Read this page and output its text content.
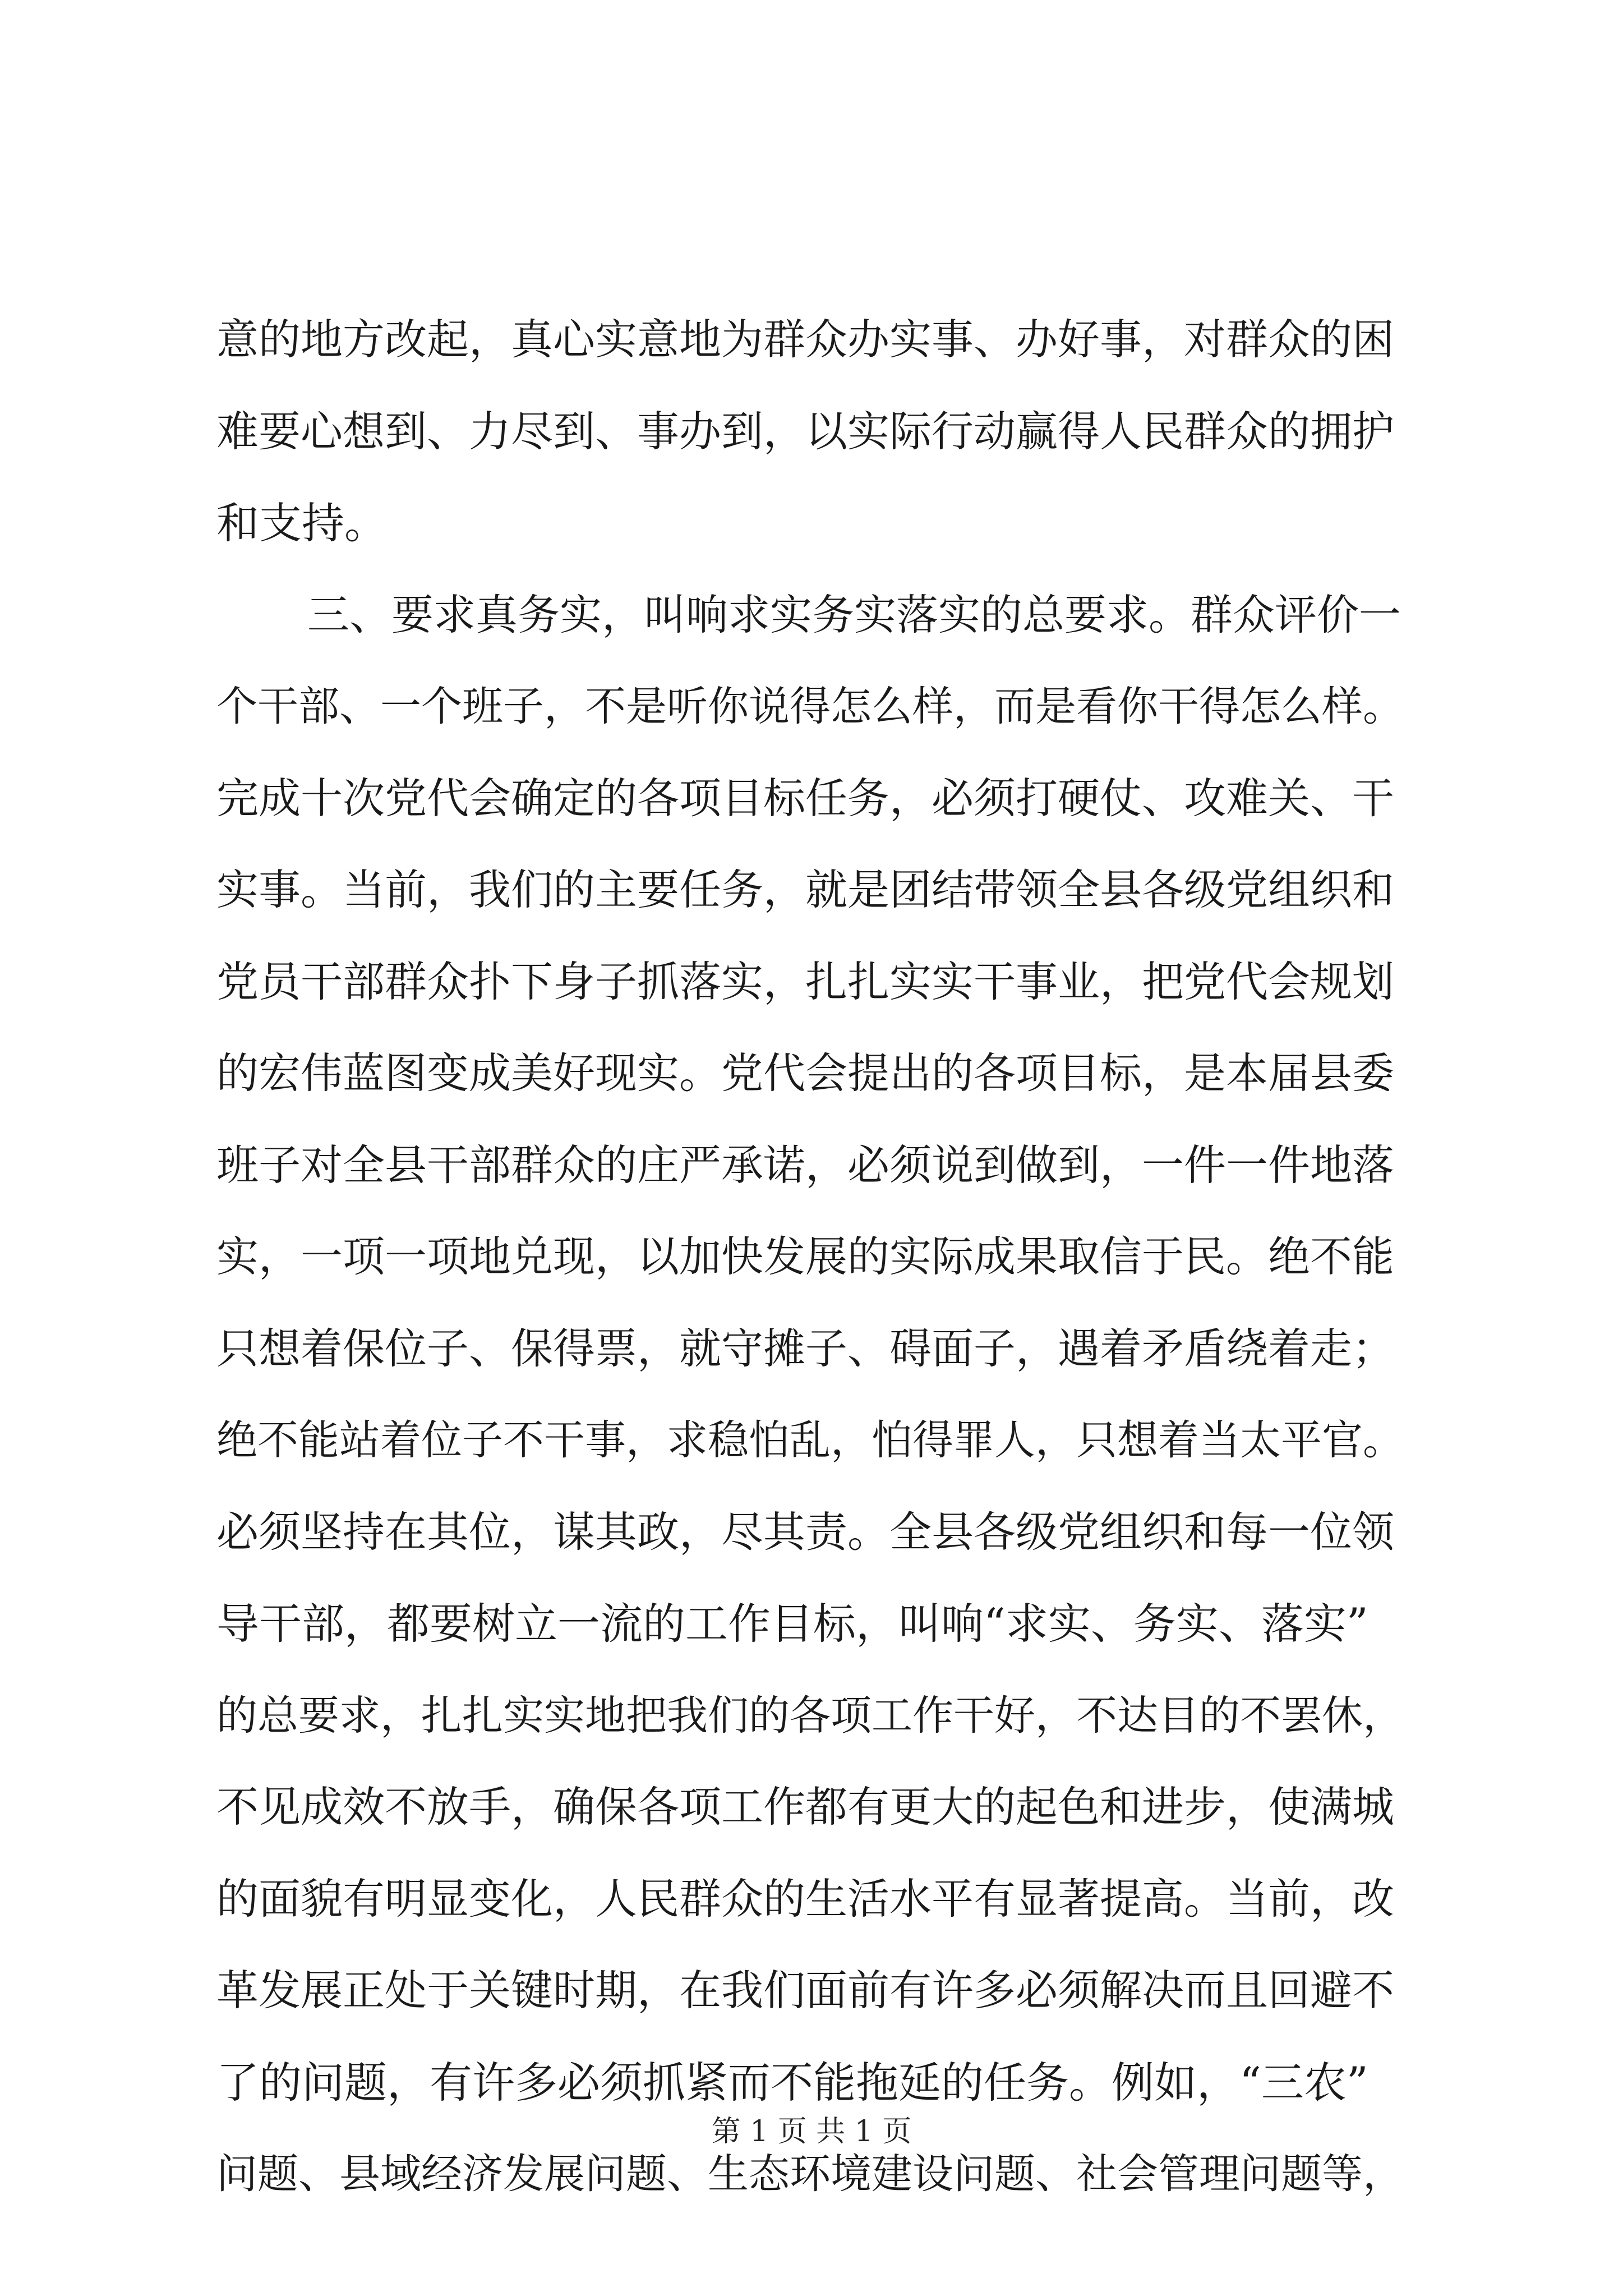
意的地方改起，真心实意地为群众办实事、办好事，对群众的困
难要心想到、力尽到、事办到，以实际行动赢得人民群众的拥护
和支持。
三、要求真务实，叫响求实务实落实的总要求。群众评价一
个干部、一个班子，不是听你说得怎么样，而是看你干得怎么样。
完成十次党代会确定的各项目标任务，必须打硬仗、攻难关、干
实事。当前，我们的主要任务，就是团结带领全县各级党组织和
党员干部群众扑下身子抓落实，扎扎实实干事业，把党代会规划
的宏伟蓝图变成美好现实。党代会提出的各项目标，是本届县委
班子对全县干部群众的庄严承诺，必须说到做到，一件一件地落
实，一项一项地兑现，以加快发展的实际成果取信于民。绝不能
只想着保位子、保得票，就守摊子、碍面子，遇着矛盾绕着走；
绝不能站着位子不干事，求稳怕乱，怕得罪人，只想着当太平官。
必须坚持在其位，谋其政，尽其责。全县各级党组织和每一位领
导干部，都要树立一流的工作目标，叫响“求实、务实、落实”
的总要求，扎扎实实地把我们的各项工作干好，不达目的不罢休，
不见成效不放手，确保各项工作都有更大的起色和进步，使满城
的面貌有明显变化，人民群众的生活水平有显著提高。当前，改
革发展正处于关键时期，在我们面前有许多必须解决而且回避不
了的问题，有许多必须抓紧而不能拖延的任务。例如，“三农”
问题、县域经济发展问题、生态环境建设问题、社会管理问题等，
第 1 页 共 1 页
